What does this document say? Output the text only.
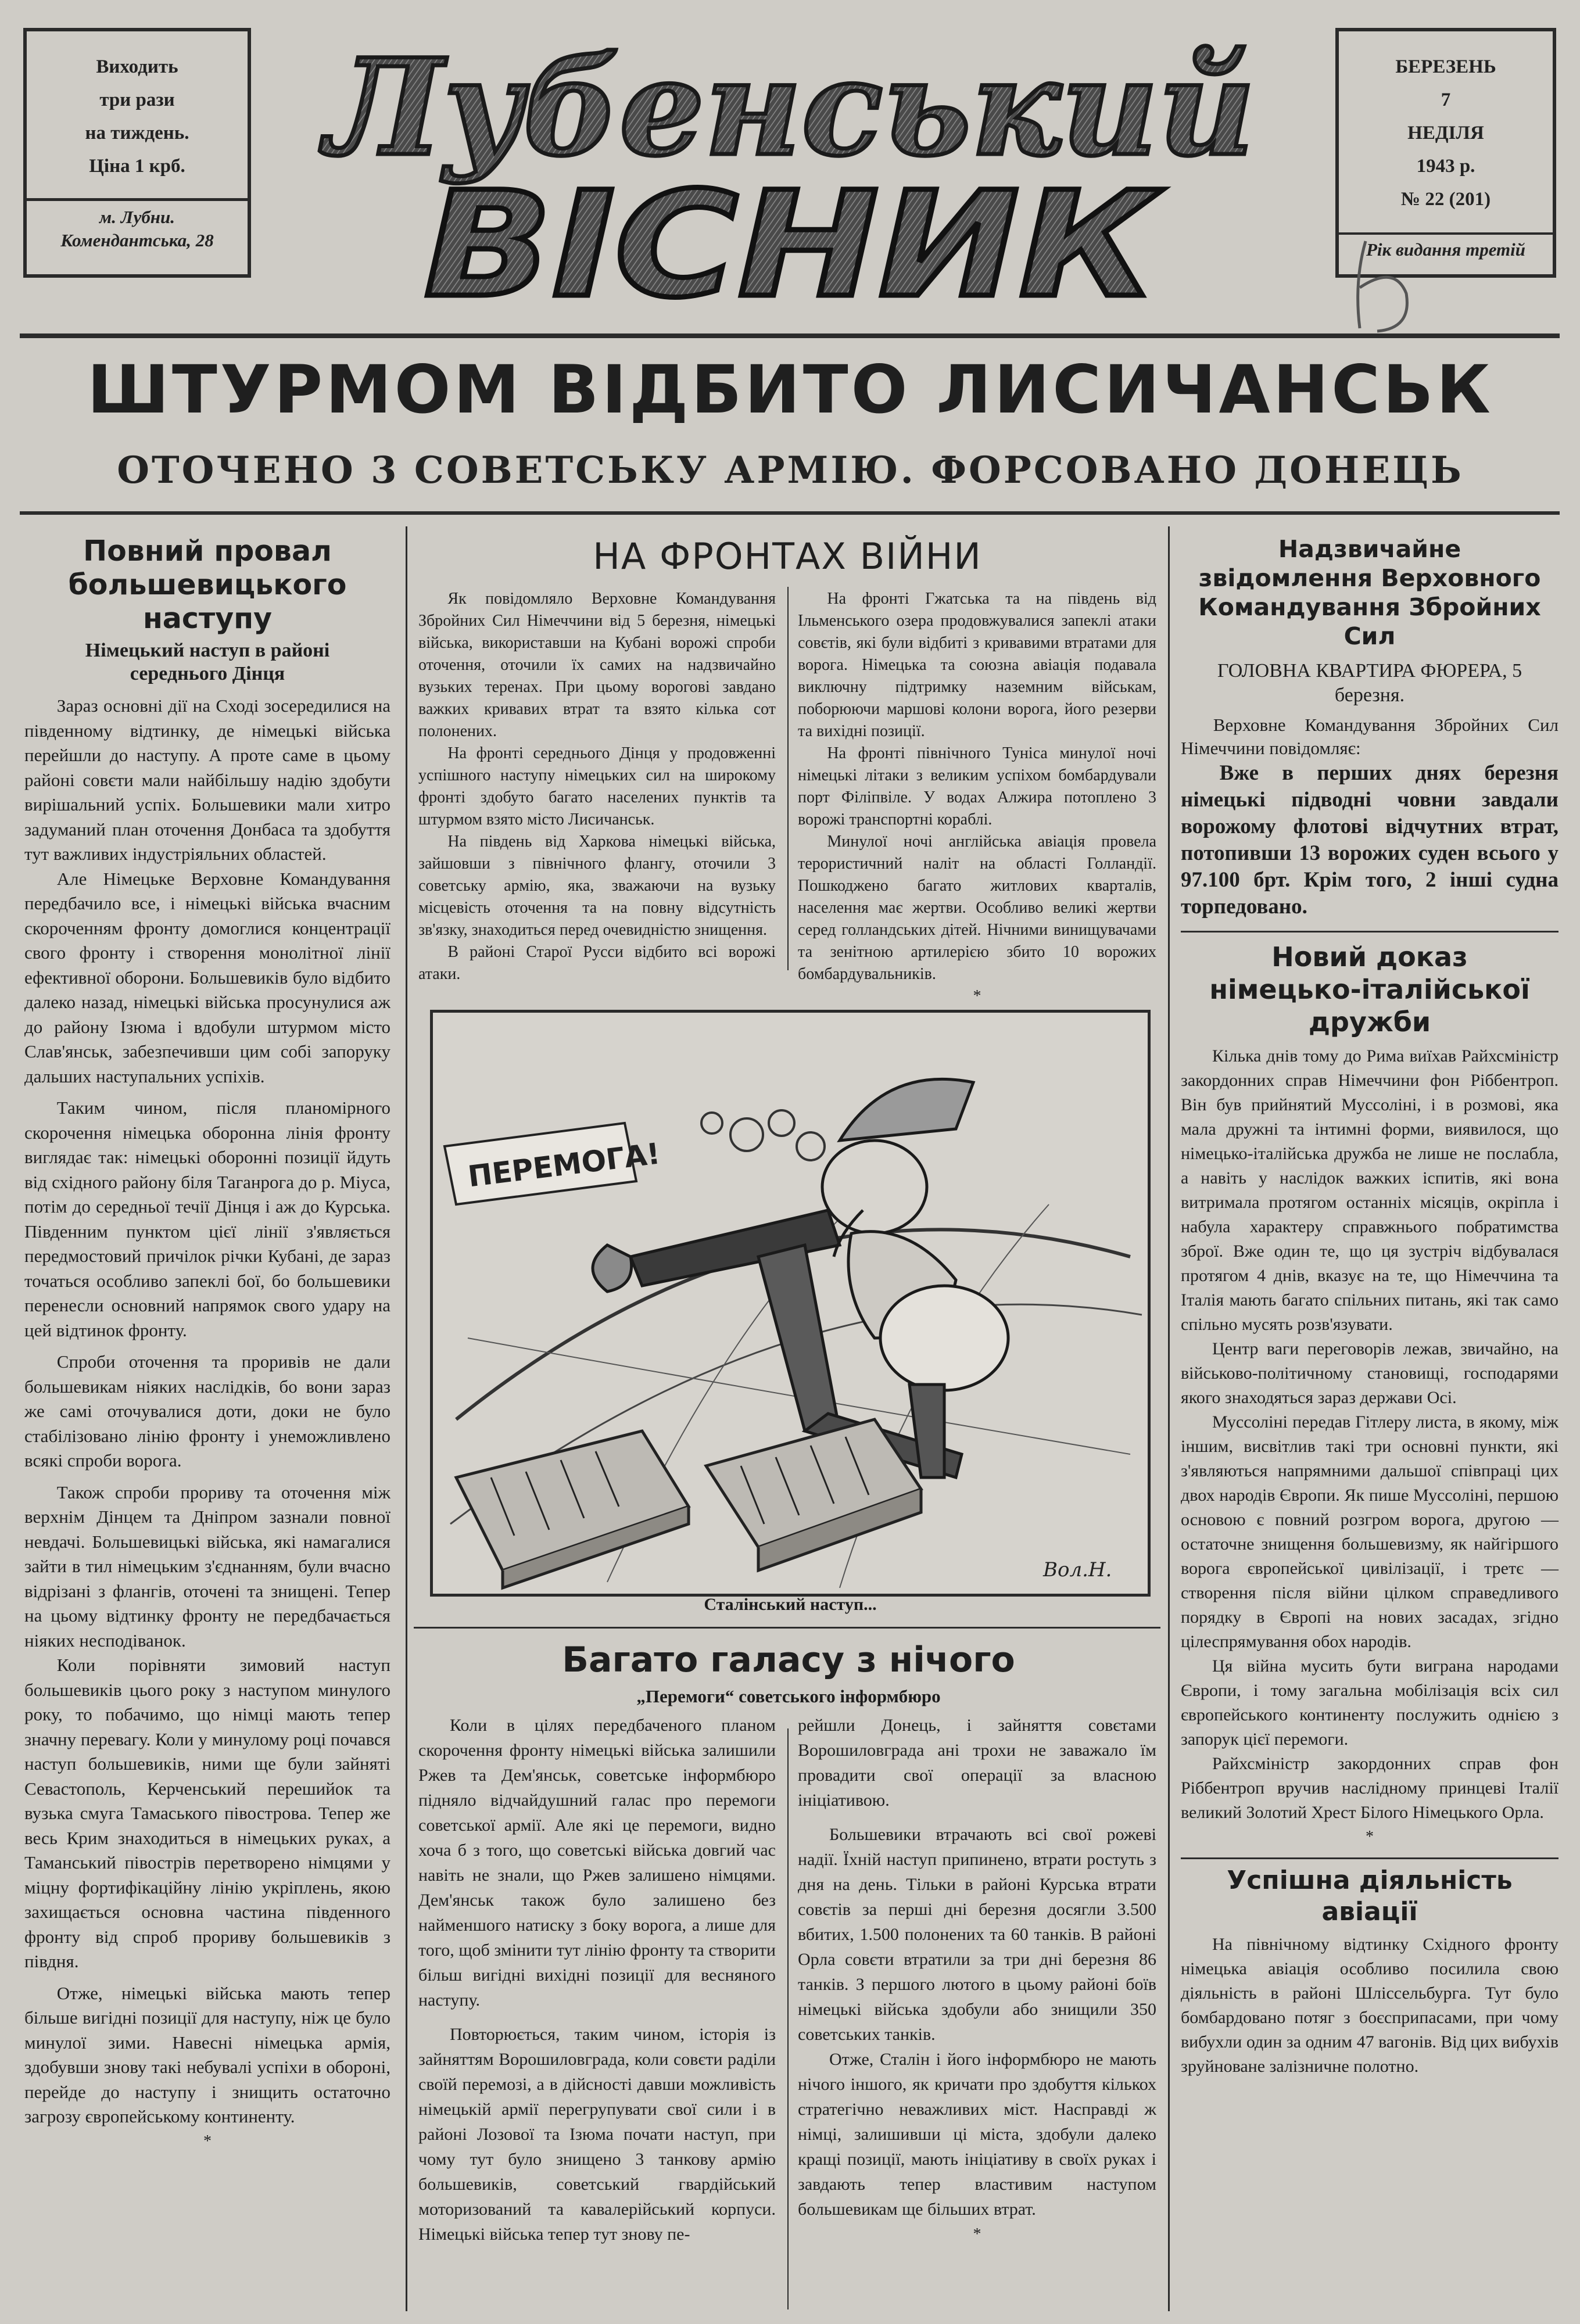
Виходить
три рази
на тиждень.
Ціна 1 крб.
м. Лубни.
Комендантська, 28
Лубенський
ВІСНИК
БЕРЕЗЕНЬ
7
НЕДІЛЯ
1943 р.
№ 22 (201)
Рік видання третій
ШТУРМОМ ВІДБИТО ЛИСИЧАНСЬК
ОТОЧЕНО 3 СОВЕТСЬКУ АРМІЮ. ФОРСОВАНО ДОНЕЦЬ
Повний провал большевицького наступу
Німецький наступ в районі середнього Дінця

Зараз основні дії на Сході зосередилися на південному відтинку, де німецькі війська перейшли до наступу. А проте саме в цьому районі совєти мали найбільшу надію здобути вирішальний успіх. Большевики мали хитро задуманий план оточення Донбаса та здобуття тут важливих індустріяльних областей.

Але Німецьке Верховне Командування передбачило все, і німецькі війська вчасним скороченням фронту домоглися концентрації свого фронту і створення монолітної лінії ефективної оборони. Большевиків було відбито далеко назад, німецькі війська просунулися аж до району Ізюма і вдобули штурмом місто Слав'янськ, забезпечивши цим собі запоруку дальших наступальних успіхів.

Таким чином, після планомірного скорочення німецька оборонна лінія фронту виглядає так: німецькі оборонні позиції йдуть від східного району біля Таганрога до р. Міуса, потім до середньої течії Дінця і аж до Курська. Південним пунктом цієї лінії з'являється передмостовий причілок річки Кубані, де зараз точаться особливо запеклі бої, бо большевики перенесли основний напрямок свого удару на цей відтинок фронту.

Спроби оточення та проривів не дали большевикам ніяких наслідків, бо вони зараз же самі оточувалися доти, доки не було стабілізовано лінію фронту і унеможливлено всякі спроби ворога.

Також спроби прориву та оточення між верхнім Дінцем та Дніпром зазнали повної невдачі. Большевицькі війська, які намагалися зайти в тил німецьким з'єднанням, були вчасно відрізані з флангів, оточені та знищені. Тепер на цьому відтинку фронту не передбачається ніяких несподіванок.

Коли порівняти зимовий наступ большевиків цього року з наступом минулого року, то побачимо, що німці мають тепер значну перевагу. Коли у минулому році почався наступ большевиків, ними ще були зайняті Севастополь, Керченський перешийок та вузька смуга Тамаського півострова. Тепер же весь Крим знаходиться в німецьких руках, а Таманський півострів перетворено німцями у міцну фортифікаційну лінію укріплень, якою захищається основна частина південного фронту від спроб прориву большевиків з півдня.

Отже, німецькі війська мають тепер більше вигідні позиції для наступу, ніж це було минулої зими. Навесні німецька армія, здобувши знову такі небувалі успіхи в обороні, перейде до наступу і знищить остаточно загрозу європейському континенту.

*

НА ФРОНТАХ ВІЙНИ

Як повідомляло Верховне Командування Збройних Сил Німеччини від 5 березня, німецькі війська, використавши на Кубані ворожі спроби оточення, оточили їх самих на надзвичайно вузьких теренах. При цьому ворогові завдано важких кривавих втрат та взято кілька сот полонених.

На фронті середнього Дінця у продовженні успішного наступу німецьких сил на широкому фронті здобуто багато населених пунктів та штурмом взято місто Лисичанськ.

На південь від Харкова німецькі війська, зайшовши з північного флангу, оточили 3 советську армію, яка, зважаючи на вузьку місцевість оточення та на повну відсутність зв'язку, знаходиться перед очевидністю знищення.

В районі Старої Русси відбито всі ворожі атаки.

На фронті Гжатська та на південь від Ільменського озера продовжувалися запеклі атаки совєтів, які були відбиті з кривавими втратами для ворога. Німецька та союзна авіація подавала виключну підтримку наземним військам, поборюючи маршові колони ворога, його резерви та вихідні позиції.

На фронті північного Туніса минулої ночі німецькі літаки з великим успіхом бомбардували порт Філіпвіле. У водах Алжира потоплено 3 ворожі транспортні кораблі.

Минулої ночі англійська авіація провела терористичний наліт на області Голландії. Пошкоджено багато житлових кварталів, населення має жертви. Особливо великі жертви серед голландських дітей. Нічними винищувачами та зенітною артилерією збито 10 ворожих бомбардувальників.

*

ПЕРЕМОГА!
Вол.Н.
Сталінський наступ...
Багато галасу з нічого
„Перемоги“ советського інформбюро

Коли в цілях передбаченого планом скорочення фронту німецькі війська залишили Ржев та Дем'янськ, советське інформбюро підняло відчайдушний галас про перемоги советської армії. Але які це перемоги, видно хоча б з того, що советські війська довгий час навіть не знали, що Ржев залишено німцями. Дем'янськ також було залишено без найменшого натиску з боку ворога, а лише для того, щоб змінити тут лінію фронту та створити більш вигідні вихідні позиції для весняного наступу.

Повторюється, таким чином, історія із зайняттям Ворошиловграда, коли совєти раділи своїй перемозі, а в дійсності давши можливість німецькій армії перегрупувати свої сили і в районі Лозової та Ізюма почати наступ, при чому тут було знищено 3 танкову армію большевиків, советський гвардійський моторизований та кавалерійський корпуси. Німецькі війська тепер тут знову пе-

рейшли Донець, і зайняття совєтами Ворошиловграда ані трохи не заважало їм провадити свої операції за власною ініціативою.

Большевики втрачають всі свої рожеві надії. Їхній наступ припинено, втрати ростуть з дня на день. Тільки в районі Курська втрати совєтів за перші дні березня досягли 3.500 вбитих, 1.500 полонених та 60 танків. В районі Орла совєти втратили за три дні березня 86 танків. З першого лютого в цьому районі боїв німецькі війська здобули або знищили 350 советських танків.

Отже, Сталін і його інформбюро не мають нічого іншого, як кричати про здобуття кількох стратегічно неважливих міст. Насправді ж німці, залишивши ці міста, здобули далеко кращі позиції, мають ініціативу в своїх руках і завдають тепер властивим наступом большевикам ще більших втрат.

*

Надзвичайне звідомлення Верховного Командування Збройних Сил
ГОЛОВНА КВАРТИРА ФЮРЕРА, 5 березня.

Верховне Командування Збройних Сил Німеччини повідомляє:

Вже в перших днях березня німецькі підводні човни завдали ворожому флотові відчутних втрат, потопивши 13 ворожих суден всього у 97.100 брт. Крім того, 2 інші судна торпедовано.

Новий доказ німецько-італійської дружби

Кілька днів тому до Рима виїхав Райхсміністр закордонних справ Німеччини фон Ріббентроп. Він був прийнятий Муссоліні, і в розмові, яка мала дружні та інтимні форми, виявилося, що німецько-італійська дружба не лише не послабла, а навіть у наслідок важких іспитів, які вона витримала протягом останніх місяців, окріпла і набула характеру справжнього побратимства зброї. Вже один те, що ця зустріч відбувалася протягом 4 днів, вказує на те, що Німеччина та Італія мають багато спільних питань, які так само спільно мусять розв'язувати.

Центр ваги переговорів лежав, звичайно, на військово-політичному становищі, господарями якого знаходяться зараз держави Осі.

Муссоліні передав Гітлеру листа, в якому, між іншим, висвітлив такі три основні пункти, які з'являються напрямними дальшої співпраці цих двох народів Європи. Як пише Муссоліні, першою основою є повний розгром ворога, другою — остаточне знищення большевизму, як найгіршого ворога європейської цивілізації, і третє — створення після війни цілком справедливого порядку в Європі на нових засадах, згідно цілеспрямування обох народів.

Ця війна мусить бути виграна народами Європи, і тому загальна мобілізація всіх сил європейського континенту послужить однією з запорук цієї перемоги.

Райхсміністр закордонних справ фон Ріббентроп вручив наслідному принцеві Італії великий Золотий Хрест Білого Німецького Орла.

*

Успішна діяльність авіації

На північному відтинку Східного фронту німецька авіація особливо посилила свою діяльність в районі Шліссельбурга. Тут було бомбардовано потяг з боєсприпасами, при чому вибухли один за одним 47 вагонів. Від цих вибухів зруйноване залізничне полотно.
